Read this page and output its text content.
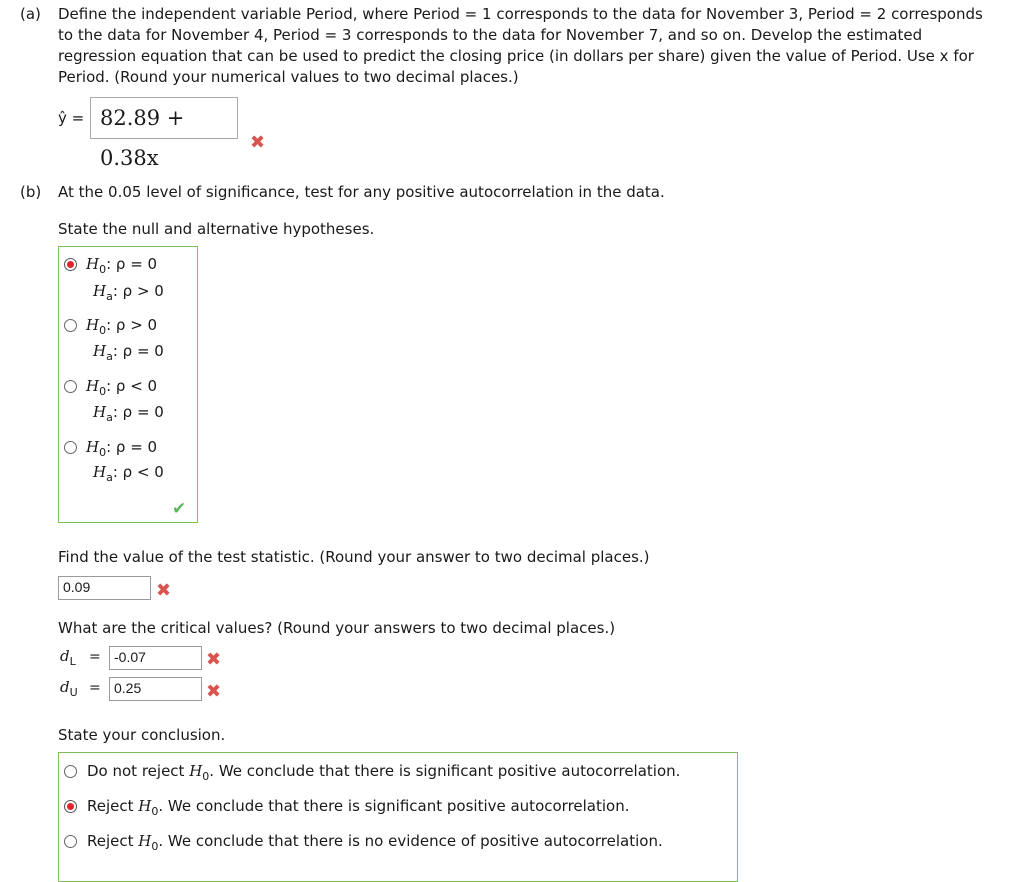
(a) Define the independent variable Period, where Period = 1 corresponds to the data for November 3, Period = 2 corresponds
to the data for November 4, Period = 3 corresponds to the data for November 7, and so on. Develop the estimated
regression equation that can be used to predict the closing price (in dollars per share) given the value of Period. Use x for
Period. (Round your numerical values to two decimal places.)
ŷ = 82.89 + 0.38x
✖
(b) At the 0.05 level of significance, test for any positive autocorrelation in the data.
State the null and alternative hypotheses.
$H_0$: ρ = 0
$H_a$: ρ > 0
$H_0$: ρ > 0
$H_a$: ρ = 0
$H_0$: ρ < 0
$H_a$: ρ = 0
$H_0$: ρ = 0
$H_a$: ρ < 0
✔
Find the value of the test statistic. (Round your answer to two decimal places.)
0.09	✖
What are the critical values? (Round your answers to two decimal places.)
$d_L = -0.07$	✖
$d_U = 0.25$	✖
State your conclusion.
Do not reject $H_0$. We conclude that there is significant positive autocorrelation.
Reject $H_0$. We conclude that there is significant positive autocorrelation.
Reject $H_0$. We conclude that there is no evidence of positive autocorrelation.
